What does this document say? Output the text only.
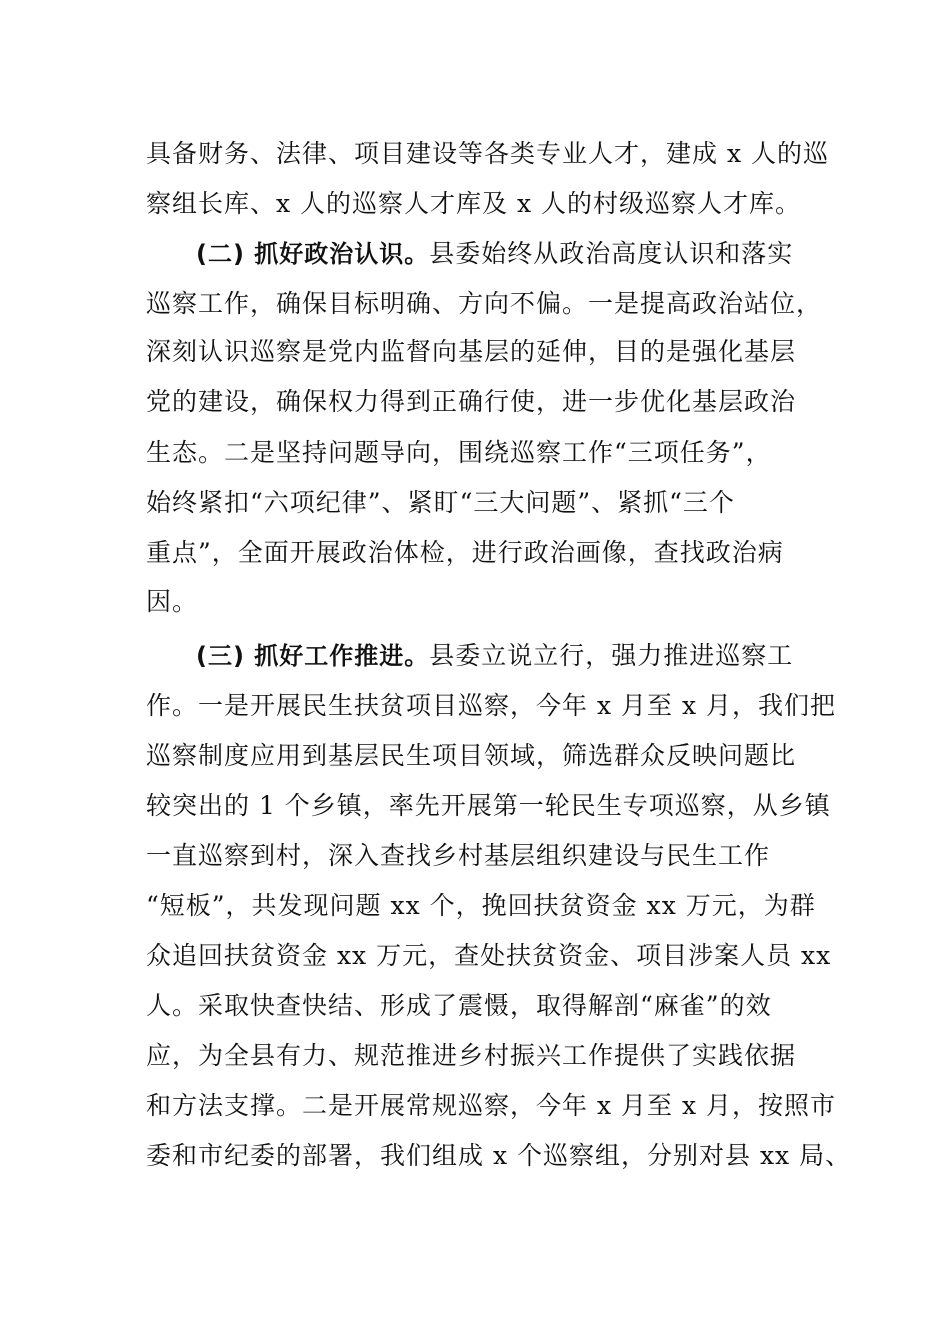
具备财务、法律、项目建设等各类专业人才，建成 x 人的巡
察组长库、x 人的巡察人才库及 x 人的村级巡察人才库。
(二) 抓好政治认识。县委始终从政治高度认识和落实
巡察工作，确保目标明确、方向不偏。一是提高政治站位，
深刻认识巡察是党内监督向基层的延伸，目的是强化基层
党的建设，确保权力得到正确行使，进一步优化基层政治
生态。二是坚持问题导向，围绕巡察工作“三项任务”，
始终紧扣“六项纪律”、紧盯“三大问题”、紧抓“三个
重点”，全面开展政治体检，进行政治画像，查找政治病
因。
(三) 抓好工作推进。县委立说立行，强力推进巡察工
作。一是开展民生扶贫项目巡察，今年 x 月至 x 月，我们把
巡察制度应用到基层民生项目领域，筛选群众反映问题比
较突出的 1 个乡镇，率先开展第一轮民生专项巡察，从乡镇
一直巡察到村，深入查找乡村基层组织建设与民生工作
“短板”，共发现问题 xx 个，挽回扶贫资金 xx 万元，为群
众追回扶贫资金 xx 万元，查处扶贫资金、项目涉案人员 xx
人。采取快查快结、形成了震慑，取得解剖“麻雀”的效
应，为全县有力、规范推进乡村振兴工作提供了实践依据
和方法支撑。二是开展常规巡察，今年 x 月至 x 月，按照市
委和市纪委的部署，我们组成 x 个巡察组，分别对县 xx 局、
